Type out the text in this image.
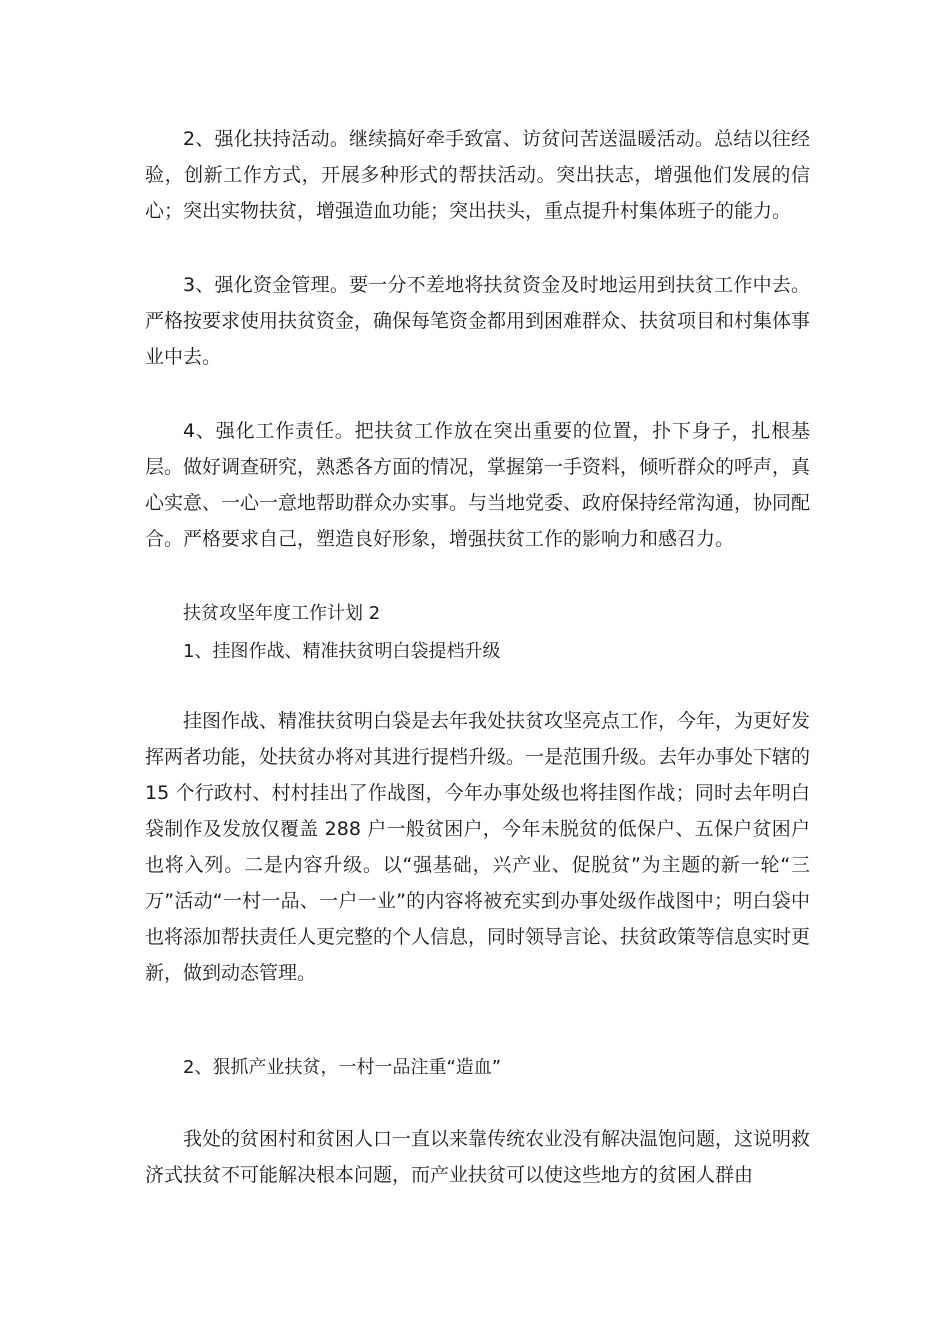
2、强化扶持活动。继续搞好牵手致富、访贫问苦送温暖活动。总结以往经验，创新工作方式，开展多种形式的帮扶活动。突出扶志，增强他们发展的信心；突出实物扶贫，增强造血功能；突出扶头，重点提升村集体班子的能力。

3、强化资金管理。要一分不差地将扶贫资金及时地运用到扶贫工作中去。严格按要求使用扶贫资金，确保每笔资金都用到困难群众、扶贫项目和村集体事业中去。

4、强化工作责任。把扶贫工作放在突出重要的位置，扑下身子，扎根基层。做好调查研究，熟悉各方面的情况，掌握第一手资料，倾听群众的呼声，真心实意、一心一意地帮助群众办实事。与当地党委、政府保持经常沟通，协同配合。严格要求自己，塑造良好形象，增强扶贫工作的影响力和感召力。

扶贫攻坚年度工作计划 2

1、挂图作战、精准扶贫明白袋提档升级

挂图作战、精准扶贫明白袋是去年我处扶贫攻坚亮点工作，今年，为更好发挥两者功能，处扶贫办将对其进行提档升级。一是范围升级。去年办事处下辖的 15 个行政村、村村挂出了作战图，今年办事处级也将挂图作战；同时去年明白袋制作及发放仅覆盖 288 户一般贫困户，今年未脱贫的低保户、五保户贫困户也将入列。二是内容升级。以“强基础，兴产业、促脱贫”为主题的新一轮“三万”活动“一村一品、一户一业”的内容将被充实到办事处级作战图中；明白袋中也将添加帮扶责任人更完整的个人信息，同时领导言论、扶贫政策等信息实时更新，做到动态管理。

2、狠抓产业扶贫，一村一品注重“造血”

我处的贫困村和贫困人口一直以来靠传统农业没有解决温饱问题，这说明救济式扶贫不可能解决根本问题，而产业扶贫可以使这些地方的贫困人群由
